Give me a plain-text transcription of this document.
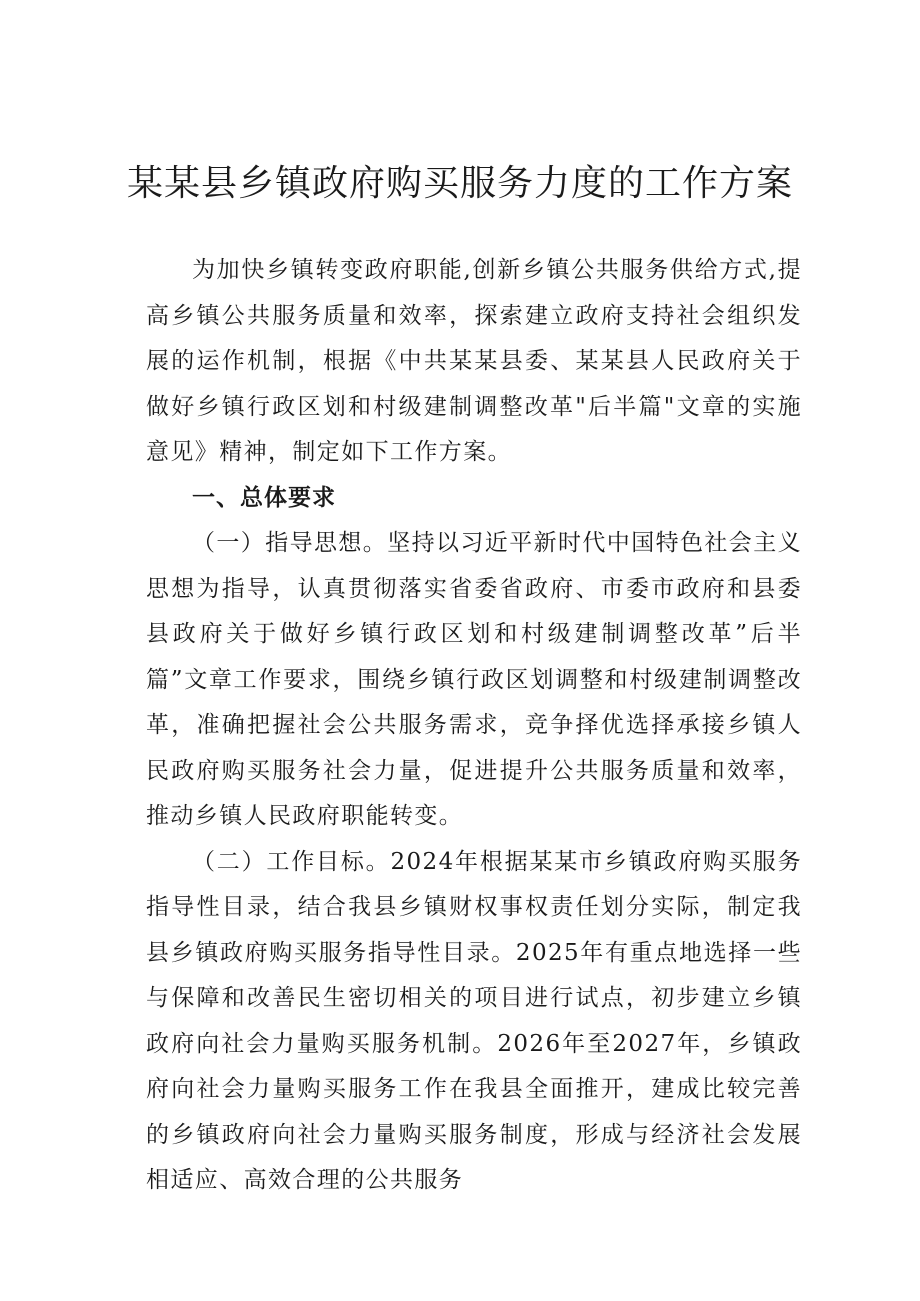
某某县乡镇政府购买服务力度的工作方案

为加快乡镇转变政府职能,创新乡镇公共服务供给方式,提高乡镇公共服务质量和效率，探索建立政府支持社会组织发展的运作机制，根据《中共某某县委、某某县人民政府关于做好乡镇行政区划和村级建制调整改革"后半篇"文章的实施意见》精神，制定如下工作方案。

一、总体要求

（一）指导思想。坚持以习近平新时代中国特色社会主义思想为指导，认真贯彻落实省委省政府、市委市政府和县委县政府关于做好乡镇行政区划和村级建制调整改革”后半篇”文章工作要求，围绕乡镇行政区划调整和村级建制调整改革，准确把握社会公共服务需求，竞争择优选择承接乡镇人民政府购买服务社会力量，促进提升公共服务质量和效率，推动乡镇人民政府职能转变。

（二）工作目标。2024年根据某某市乡镇政府购买服务指导性目录，结合我县乡镇财权事权责任划分实际，制定我县乡镇政府购买服务指导性目录。2025年有重点地选择一些与保障和改善民生密切相关的项目进行试点，初步建立乡镇政府向社会力量购买服务机制。2026年至2027年，乡镇政府向社会力量购买服务工作在我县全面推开，建成比较完善的乡镇政府向社会力量购买服务制度，形成与经济社会发展相适应、高效合理的公共服务
